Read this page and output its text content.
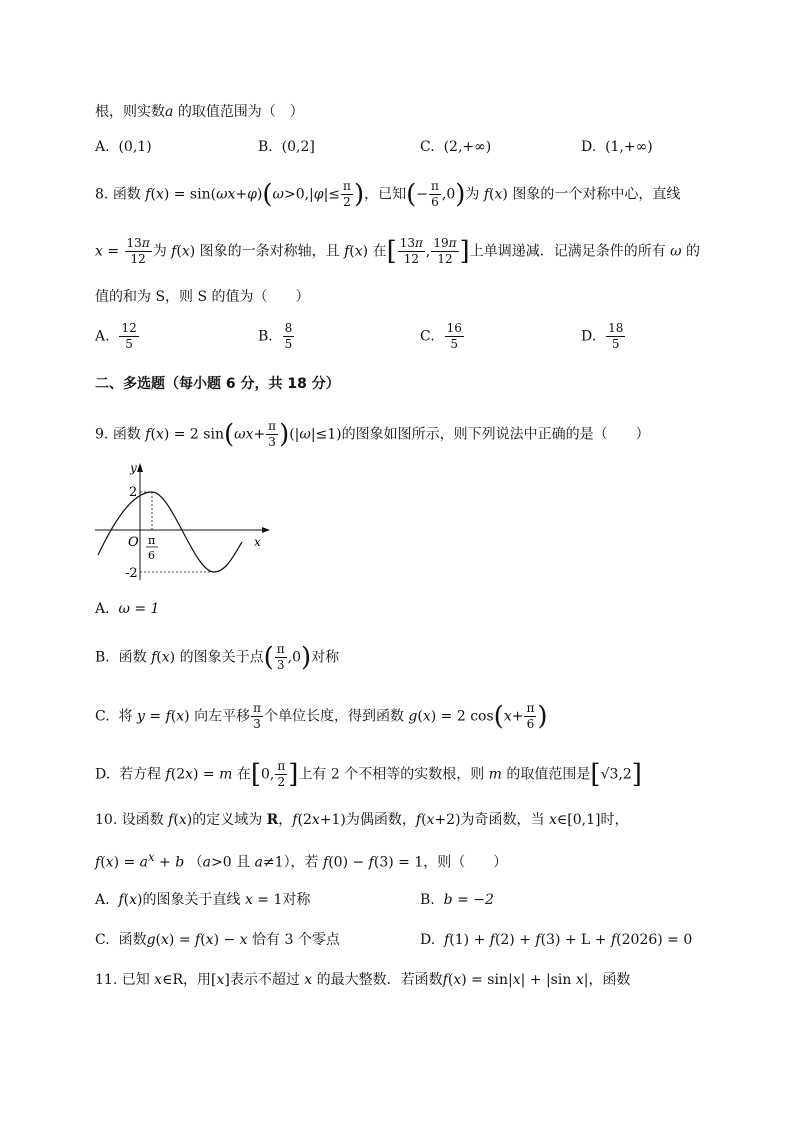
根，则实数a 的取值范围为（　）
A. (0,1)	B. (0,2]	C. (2,+∞)	D. (1,+∞)
8. 函数 $f(x) = \sin(\omega x+\varphi)(\omega>0,|\varphi|\le \frac{\pi}{2}$ )，已知(− $\frac{\pi}{6} ,0$)为 f(x) 图象的一个对称中心，直线
$x = \frac{13\pi}{12}$ 为 f(x) 图象的一条对称轴，且 f(x) 在[ $\frac{13\pi}{12}$ , $\frac{19\pi}{12}$ ]上单调递减．记满足条件的所有 ω 的
值的和为 S，则 S 的值为（　　）
A. $\frac{12}{5}$	B. $\frac{8}{5}$	C. $\frac{16}{5}$	D. $\frac{18}{5}$
二、多选题（每小题 6 分，共 18 分）
9. 函数 f(x) = 2 $\sin(\omega x+ \frac{\pi}{3} )(|\omega|\le 1)$的图象如图所示，则下列说法中正确的是（　　）
y
x
O
2
-2
π
6
A. ω = 1
B. 函数 f(x) 的图象关于点( $\frac{\pi}{3} ,0$)对称
C. 将 y = f(x) 向左平移 $\frac{\pi}{3}$ 个单位长度，得到函数 g(x) = 2 $\cos(x+ \frac{\pi}{6}$ )
D. 若方程 f(2x) = m 在[0, $\frac{\pi}{2}$ ]上有 2 个不相等的实数根，则 m 的取值范围是[√3,2]
10. 设函数 f(x)的定义域为 R，f(2x+1)为偶函数，f(x+2)为奇函数，当 x∈[0,1]时，
$f(x) = a^x + b$ （a>0 且 a≠1），若 f(0) − f(3) = 1，则（　　）
A. f(x)的图象关于直线 x = 1对称	B. b = −2
C. 函数g(x) = f(x) − x 恰有 3 个零点	D. f(1) + f(2) + f(3) + L + f(2026) = 0
11. 已知 x∈R，用[x]表示不超过 x 的最大整数．若函数f(x) = sin|x| + |sin x|，函数
